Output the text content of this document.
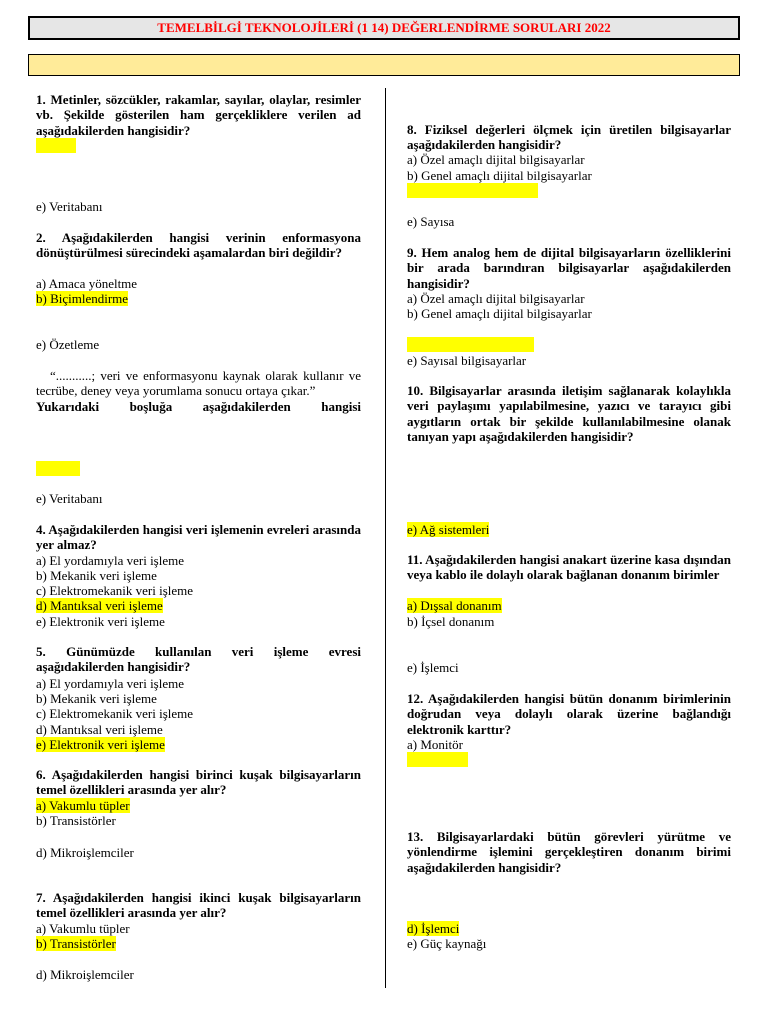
TEMELBİLGİ TEKNOLOJİLERİ (1 14) DEĞERLENDİRME SORULARI 2022
1. Metinler, sözcükler, rakamlar, sayılar, olaylar, resimler vb. Şekilde gösterilen ham gerçekliklere verilen ad aşağıdakilerden hangisidir?
e) Veritabanı
2. Aşağıdakilerden hangisi verinin enformasyona dönüştürülmesi sürecindeki aşamalardan biri değildir?
a) Amaca yöneltme
b) Biçimlendirme
e) Özetleme
“...........; veri ve enformasyonu kaynak olarak kullanır ve tecrübe, deney veya yorumlama sonucu ortaya çıkar.”
Yukarıdaki boşluğa aşağıdakilerden hangisi
e) Veritabanı
4. Aşağıdakilerden hangisi veri işlemenin evreleri arasında yer almaz?
a) El yordamıyla veri işleme
b) Mekanik veri işleme
c) Elektromekanik veri işleme
d) Mantıksal veri işleme
e) Elektronik veri işleme
5. Günümüzde kullanılan veri işleme evresi aşağıdakilerden hangisidir?
a) El yordamıyla veri işleme
b) Mekanik veri işleme
c) Elektromekanik veri işleme
d) Mantıksal veri işleme
e) Elektronik veri işleme
6. Aşağıdakilerden hangisi birinci kuşak bilgisayarların temel özellikleri arasında yer alır?
a) Vakumlu tüpler
b) Transistörler
d) Mikroişlemciler
7. Aşağıdakilerden hangisi ikinci kuşak bilgisayarların temel özellikleri arasında yer alır?
a) Vakumlu tüpler
b) Transistörler
d) Mikroişlemciler
8. Fiziksel değerleri ölçmek için üretilen bilgisayarlar aşağıdakilerden hangisidir?
a) Özel amaçlı dijital bilgisayarlar
b) Genel amaçlı dijital bilgisayarlar
e) Sayısa
9. Hem analog hem de dijital bilgisayarların özelliklerini bir arada barındıran bilgisayarlar aşağıdakilerden hangisidir?
a) Özel amaçlı dijital bilgisayarlar
b) Genel amaçlı dijital bilgisayarlar
e) Sayısal bilgisayarlar
10. Bilgisayarlar arasında iletişim sağlanarak kolaylıkla veri paylaşımı yapılabilmesine, yazıcı ve tarayıcı gibi aygıtların ortak bir şekilde kullanılabilmesine olanak tanıyan yapı aşağıdakilerden hangisidir?
e) Ağ sistemleri
11. Aşağıdakilerden hangisi anakart üzerine kasa dışından veya kablo ile dolaylı olarak bağlanan donanım birimler
a) Dışsal donanım
b) İçsel donanım
e) İşlemci
12. Aşağıdakilerden hangisi bütün donanım birimlerinin doğrudan veya dolaylı olarak üzerine bağlandığı elektronik karttır?
a) Monitör
13. Bilgisayarlardaki bütün görevleri yürütme ve yönlendirme işlemini gerçekleştiren donanım birimi aşağıdakilerden hangisidir?
d) İşlemci
e) Güç kaynağı
